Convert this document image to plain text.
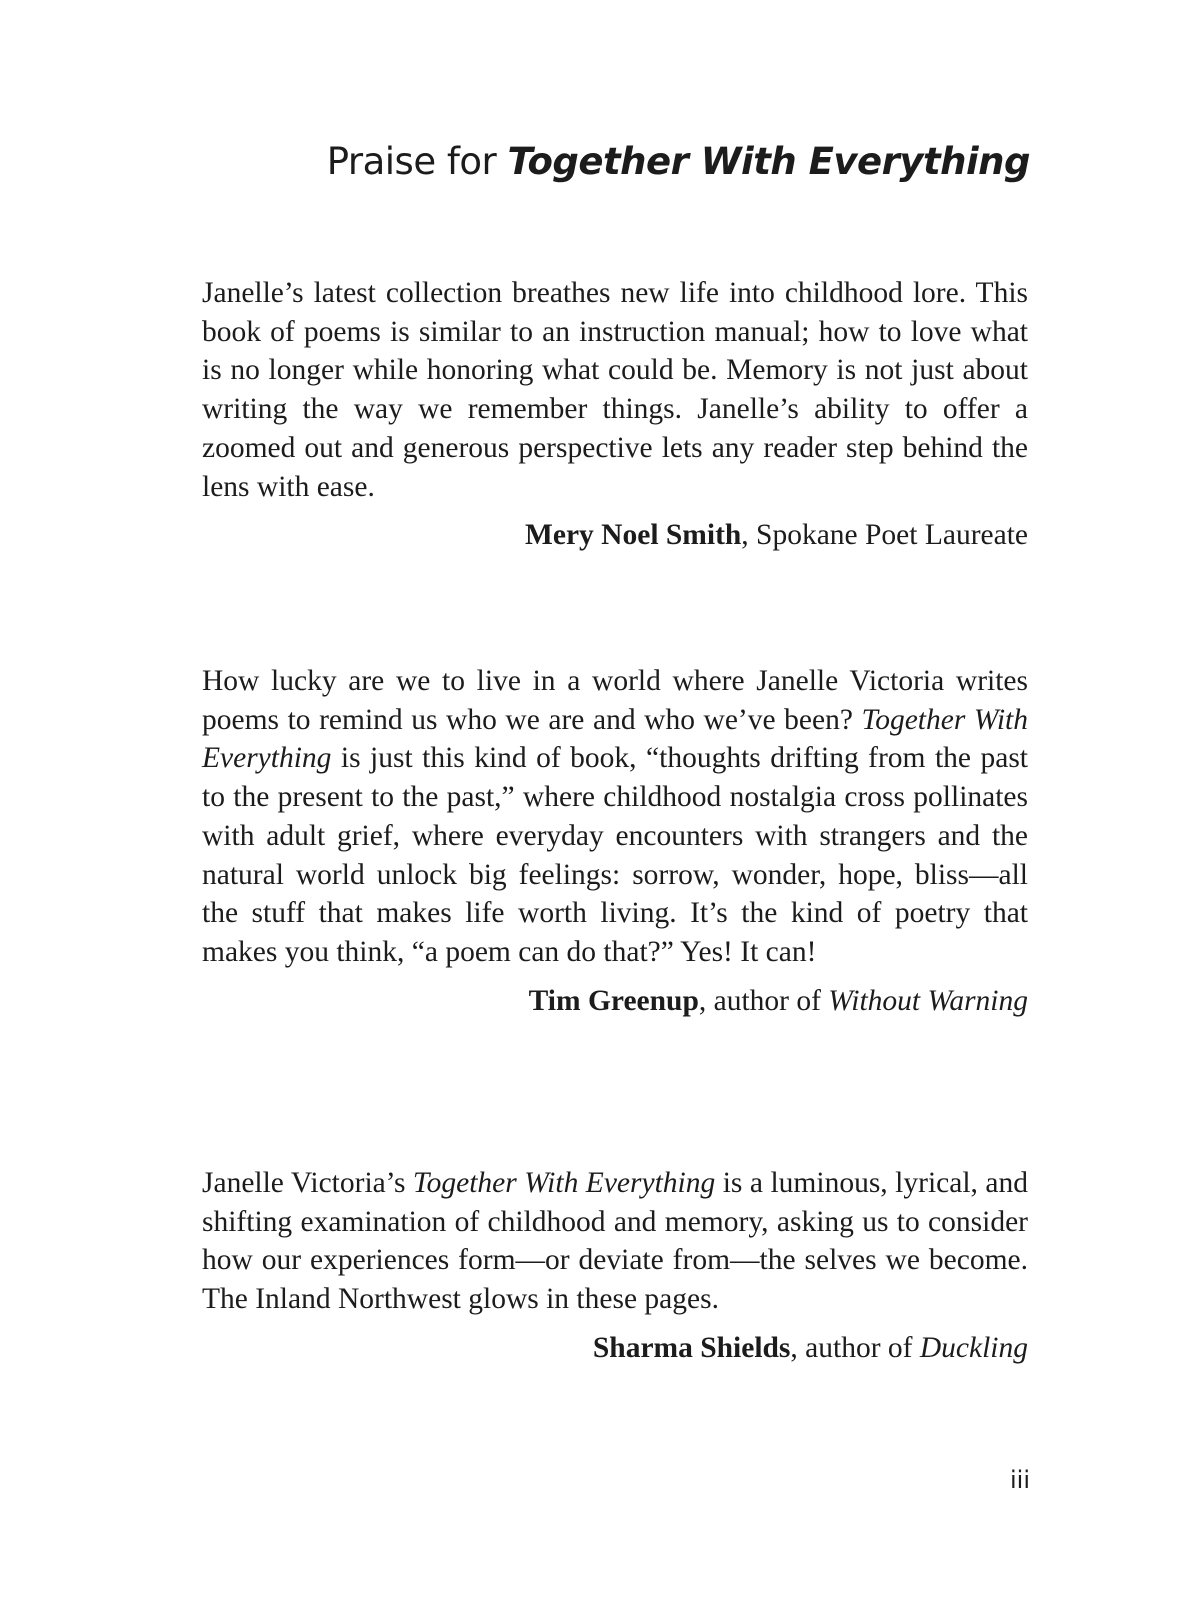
Praise for Together With Everything

Janelle’s latest collection breathes new life into childhood lore. This book of poems is similar to an instruction manual; how to love what is no longer while honoring what could be. Memory is not just about writing the way we remember things. Janelle’s ability to offer a zoomed out and generous perspective lets any reader step behind the lens with ease.

Mery Noel Smith, Spokane Poet Laureate

How lucky are we to live in a world where Janelle Victoria writes poems to remind us who we are and who we’ve been? Together With Everything is just this kind of book, “thoughts drifting from the past to the present to the past,” where childhood nostalgia cross pollinates with adult grief, where everyday encounters with strangers and the natural world unlock big feelings: sorrow, wonder, hope, bliss—all the stuff that makes life worth living. It’s the kind of poetry that makes you think, “a poem can do that?” Yes! It can!

Tim Greenup, author of Without Warning

Janelle Victoria’s Together With Everything is a luminous, lyrical, and shifting examination of childhood and memory, asking us to consider how our experiences form—or deviate from—the selves we become. The Inland Northwest glows in these pages.

Sharma Shields, author of Duckling
iii
